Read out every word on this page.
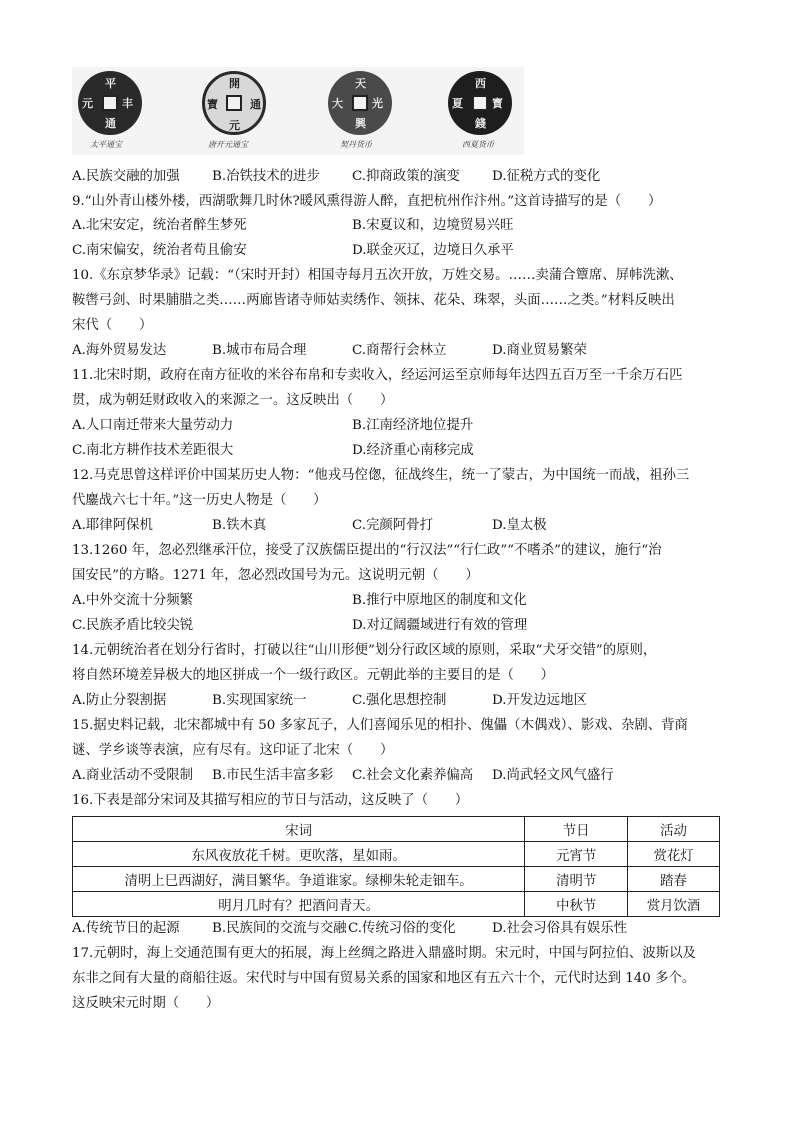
元	丰
平
通
太平通宝
開
寶	通
元
唐开元通宝
天
大	光
興
契丹货币
西
夏	寳
錢
西夏货币
A.民族交融的加强 B.冶铁技术的进步 C.抑商政策的演变 D.征税方式的变化
9.“山外青山楼外楼，西湖歌舞几时休?暖风熏得游人醉，直把杭州作汴州。”这首诗描写的是（　　）
A.北宋安定，统治者醉生梦死	B.宋夏议和，边境贸易兴旺
C.南宋偏安，统治者苟且偷安	D.联金灭辽，边境日久承平
10.《东京梦华录》记载：“（宋时开封）相国寺每月五次开放，万姓交易。……卖蒲合簟席、屏帏洗漱、
鞍辔弓剑、时果脯腊之类……两廊皆诸寺师姑卖绣作、领抹、花朵、珠翠，头面……之类。”材料反映出
宋代（　　）
A.海外贸易发达	B.城市布局合理	C.商帮行会林立	D.商业贸易繁荣
11.北宋时期，政府在南方征收的米谷布帛和专卖收入，经运河运至京师每年达四五百万至一千余万石匹
贯，成为朝廷财政收入的来源之一。这反映出（　　）
A.人口南迁带来大量劳动力	B.江南经济地位提升
C.南北方耕作技术差距很大	D.经济重心南移完成
12.马克思曾这样评价中国某历史人物：“他戎马倥偬，征战终生，统一了蒙古，为中国统一而战，祖孙三
代鏖战六七十年。”这一历史人物是（　　）
A.耶律阿保机	B.铁木真	C.完颜阿骨打	D.皇太极
13.1260 年，忽必烈继承汗位，接受了汉族儒臣提出的“行汉法”“行仁政”“不嗜杀”的建议，施行“治
国安民”的方略。1271 年，忽必烈改国号为元。这说明元朝（　　）
A.中外交流十分频繁	B.推行中原地区的制度和文化
C.民族矛盾比较尖锐	D.对辽阔疆域进行有效的管理
14.元朝统治者在划分行省时，打破以往“山川形便”划分行政区域的原则，采取“犬牙交错”的原则，
将自然环境差异极大的地区拼成一个一级行政区。元朝此举的主要目的是（　　）
A.防止分裂割据	B.实现国家统一	C.强化思想控制	D.开发边远地区
15.据史料记载，北宋都城中有 50 多家瓦子，人们喜闻乐见的相扑、傀儡（木偶戏）、影戏、杂剧、背商
谜、学乡谈等表演，应有尽有。这印证了北宋（　　）
A.商业活动不受限制 B.市民生活丰富多彩 C.社会文化素养偏高 D.尚武轻文风气盛行
16.下表是部分宋词及其描写相应的节日与活动，这反映了（　　）
宋词	节日	活动
东风夜放花千树。更吹落，星如雨。	元宵节	赏花灯
清明上巳西湖好，满目繁华。争道谁家。绿柳朱轮走钿车。	清明节	踏春
明月几时有？把酒问青天。	中秋节	赏月饮酒
A.传统节日的起源 B.民族间的交流与交融 C.传统习俗的变化	D.社会习俗具有娱乐性
17.元朝时，海上交通范围有更大的拓展，海上丝绸之路进入鼎盛时期。宋元时，中国与阿拉伯、波斯以及
东非之间有大量的商船往返。宋代时与中国有贸易关系的国家和地区有五六十个，元代时达到 140 多个。
这反映宋元时期（　　）
